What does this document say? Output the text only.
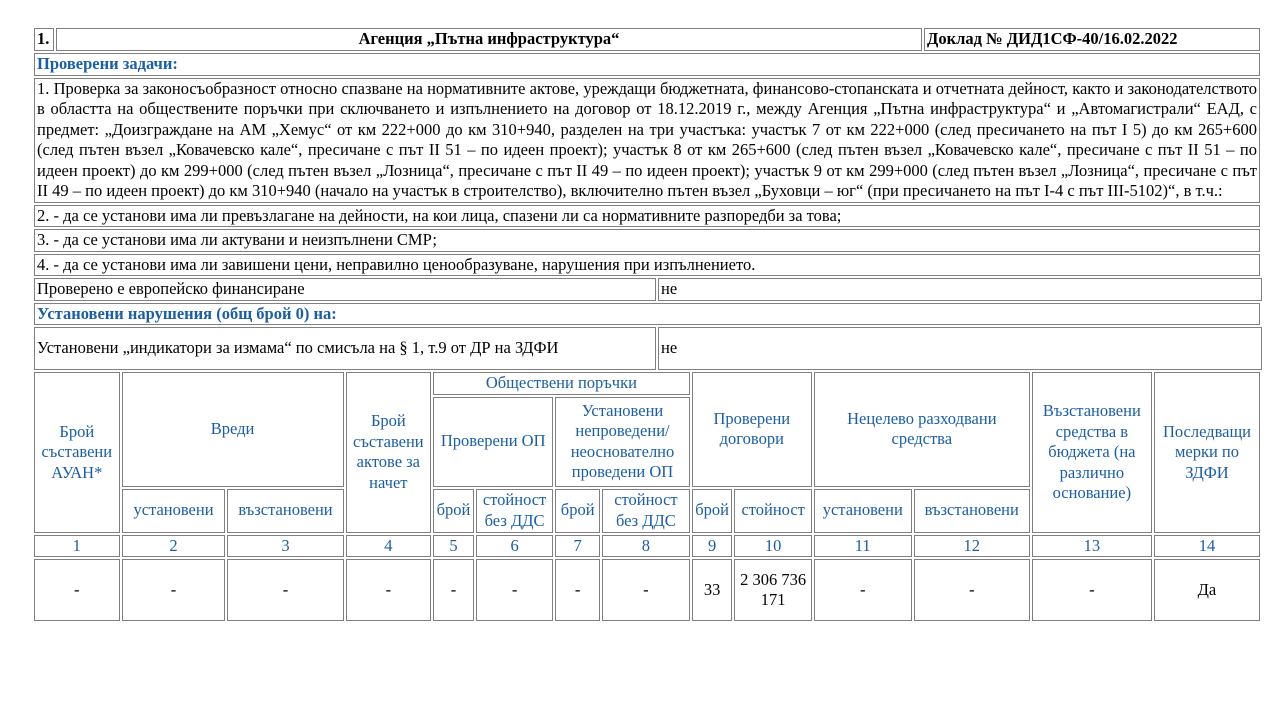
1.	Агенция „Пътна инфраструктура“	Доклад № ДИД1СФ-40/16.02.2022
Проверени задачи:
1. Проверка за законосъобразност относно спазване на нормативните актове, уреждащи бюджетната, финансово-стопанската и отчетната дейност, както и законодателството в областта на обществените поръчки при сключването и изпълнението на договор от 18.12.2019 г., между Агенция „Пътна инфраструктура“ и „Автомагистрали“ ЕАД, с предмет: „Доизграждане на АМ „Хемус“ от км 222+000 до км 310+940, разделен на три участъка: участък 7 от км 222+000 (след пресичането на път I 5) до км 265+600 (след пътен възел „Ковачевско кале“, пресичане с път II 51 – по идеен проект); участък 8 от км 265+600 (след пътен възел „Ковачевско кале“, пресичане с път II 51 – по идеен проект) до км 299+000 (след пътен възел „Лозница“, пресичане с път II 49 – по идеен проект); участък 9 от км 299+000 (след пътен възел „Лозница“, пресичане с път II 49 – по идеен проект) до км 310+940 (начало на участък в строителство), включително пътен възел „Буховци – юг“ (при пресичането на път I-4 с път III-5102)“, в т.ч.:
2. - да се установи има ли превъзлагане на дейности, на кои лица, спазени ли са нормативните разпоредби за това;
3. - да се установи има ли актувани и неизпълнени СМР;
4. - да се установи има ли завишени цени, неправилно ценообразуване, нарушения при изпълнението.
Проверено е европейско финансиране	не
Установени нарушения (общ брой 0) на:
Установени „индикатори за измама“ по смисъла на § 1, т.9 от ДР на ЗДФИ	не
Брой съставени АУАН*	Вреди		Брой съставени актове за начет	Обществени поръчки				Проверени договори		Нецелево разходвани средства		Възстановени средства в бюджета (на различно основание)	Последващи мерки по ЗДФИ
				Проверени ОП		Установени непроведени/ неоснователно проведени ОП							
	установени	възстановени		брой	стойност без ДДС	брой	стойност без ДДС	брой	стойност	установени	възстановени		
1	2	3	4	5	6	7	8	9	10	11	12	13	14
-	-	-	-	-	-	-	-	33	2 306 736 171	-	-	-	Да
